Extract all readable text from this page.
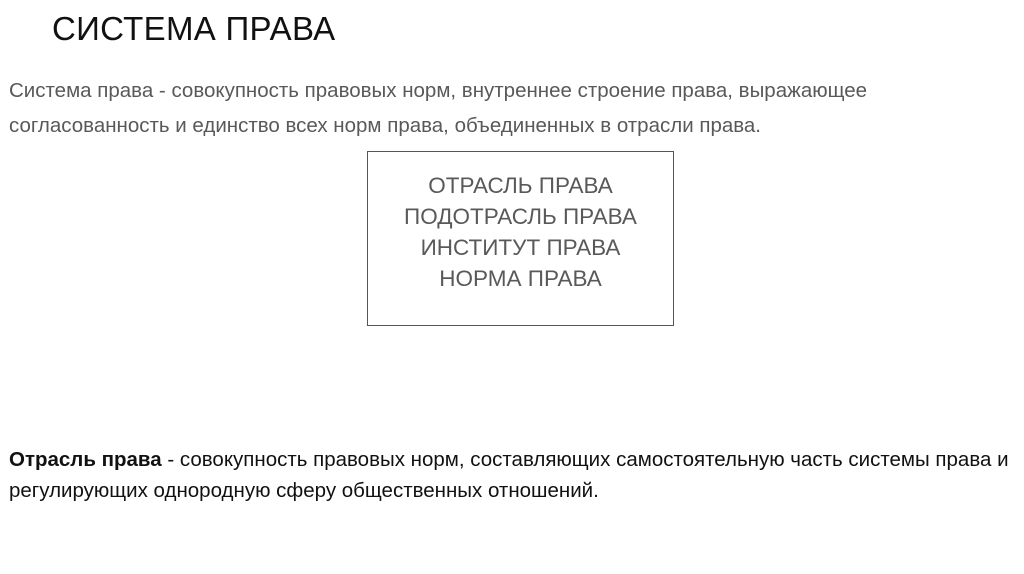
СИСТЕМА ПРАВА
Система права - совокупность правовых норм, внутреннее строение права, выражающее согласованность и единство всех норм права, объединенных в отрасли права.
ОТРАСЛЬ ПРАВА
ПОДОТРАСЛЬ ПРАВА
ИНСТИТУТ ПРАВА
НОРМА ПРАВА
Отрасль права - совокупность правовых норм, составляющих самостоятельную часть системы права и регулирующих однородную сферу общественных отношений.
